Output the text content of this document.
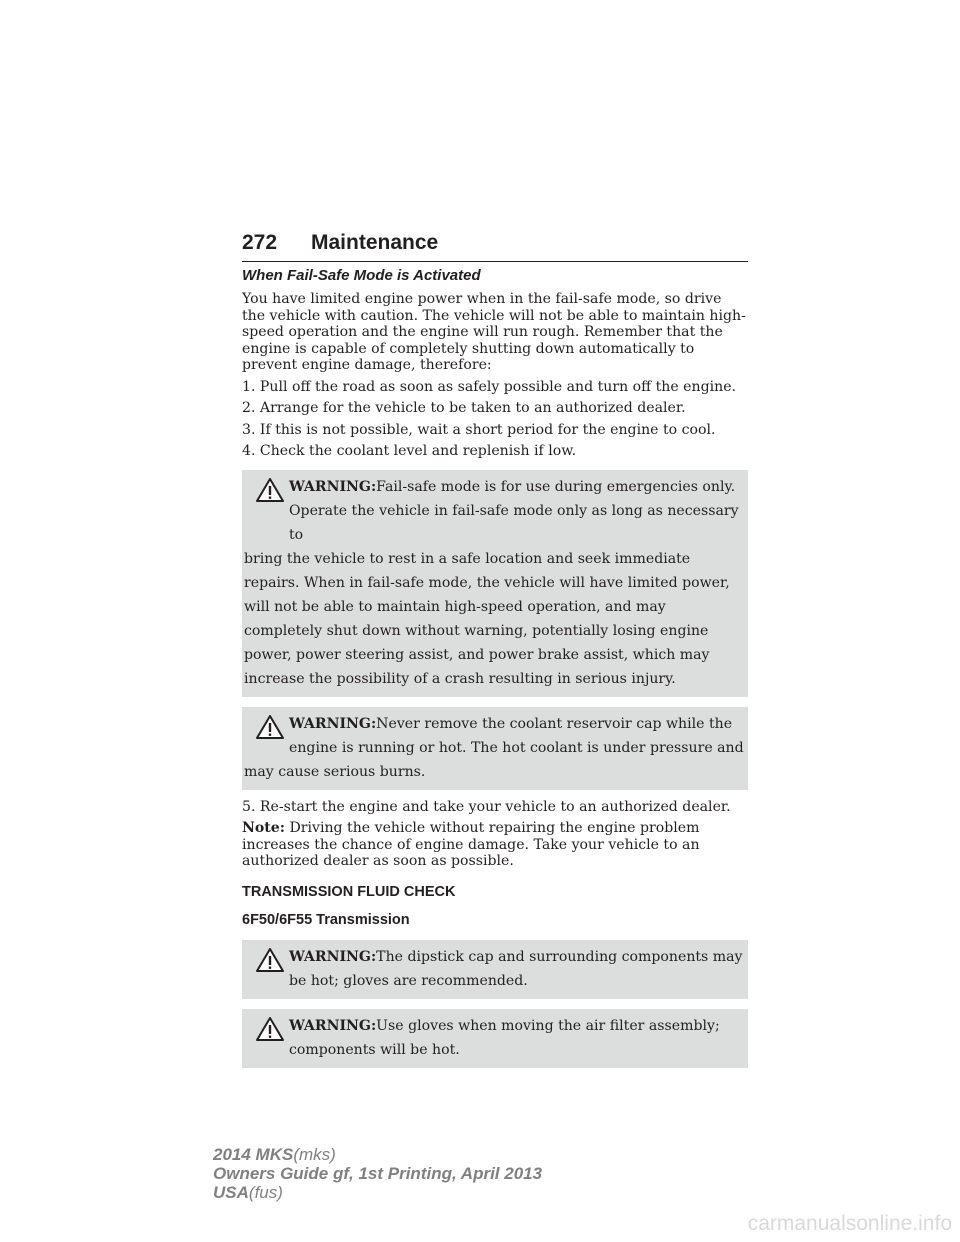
272 Maintenance
When Fail-Safe Mode is Activated
You have limited engine power when in the fail-safe mode, so drive the vehicle with caution. The vehicle will not be able to maintain high-speed operation and the engine will run rough. Remember that the engine is capable of completely shutting down automatically to prevent engine damage, therefore:
1. Pull off the road as soon as safely possible and turn off the engine.
2. Arrange for the vehicle to be taken to an authorized dealer.
3. If this is not possible, wait a short period for the engine to cool.
4. Check the coolant level and replenish if low.
WARNING:Fail-safe mode is for use during emergencies only. Operate the vehicle in fail-safe mode only as long as necessary to
bring the vehicle to rest in a safe location and seek immediate repairs. When in fail-safe mode, the vehicle will have limited power, will not be able to maintain high-speed operation, and may completely shut down without warning, potentially losing engine power, power steering assist, and power brake assist, which may increase the possibility of a crash resulting in serious injury.
WARNING:Never remove the coolant reservoir cap while the engine is running or hot. The hot coolant is under pressure and
may cause serious burns.
5. Re-start the engine and take your vehicle to an authorized dealer.
Note: Driving the vehicle without repairing the engine problem increases the chance of engine damage. Take your vehicle to an authorized dealer as soon as possible.
TRANSMISSION FLUID CHECK
6F50/6F55 Transmission
WARNING:The dipstick cap and surrounding components may be hot; gloves are recommended.
WARNING:Use gloves when moving the air filter assembly; components will be hot.
2014 MKS(mks)
Owners Guide gf, 1st Printing, April 2013
USA(fus)
carmanualsonline.info
